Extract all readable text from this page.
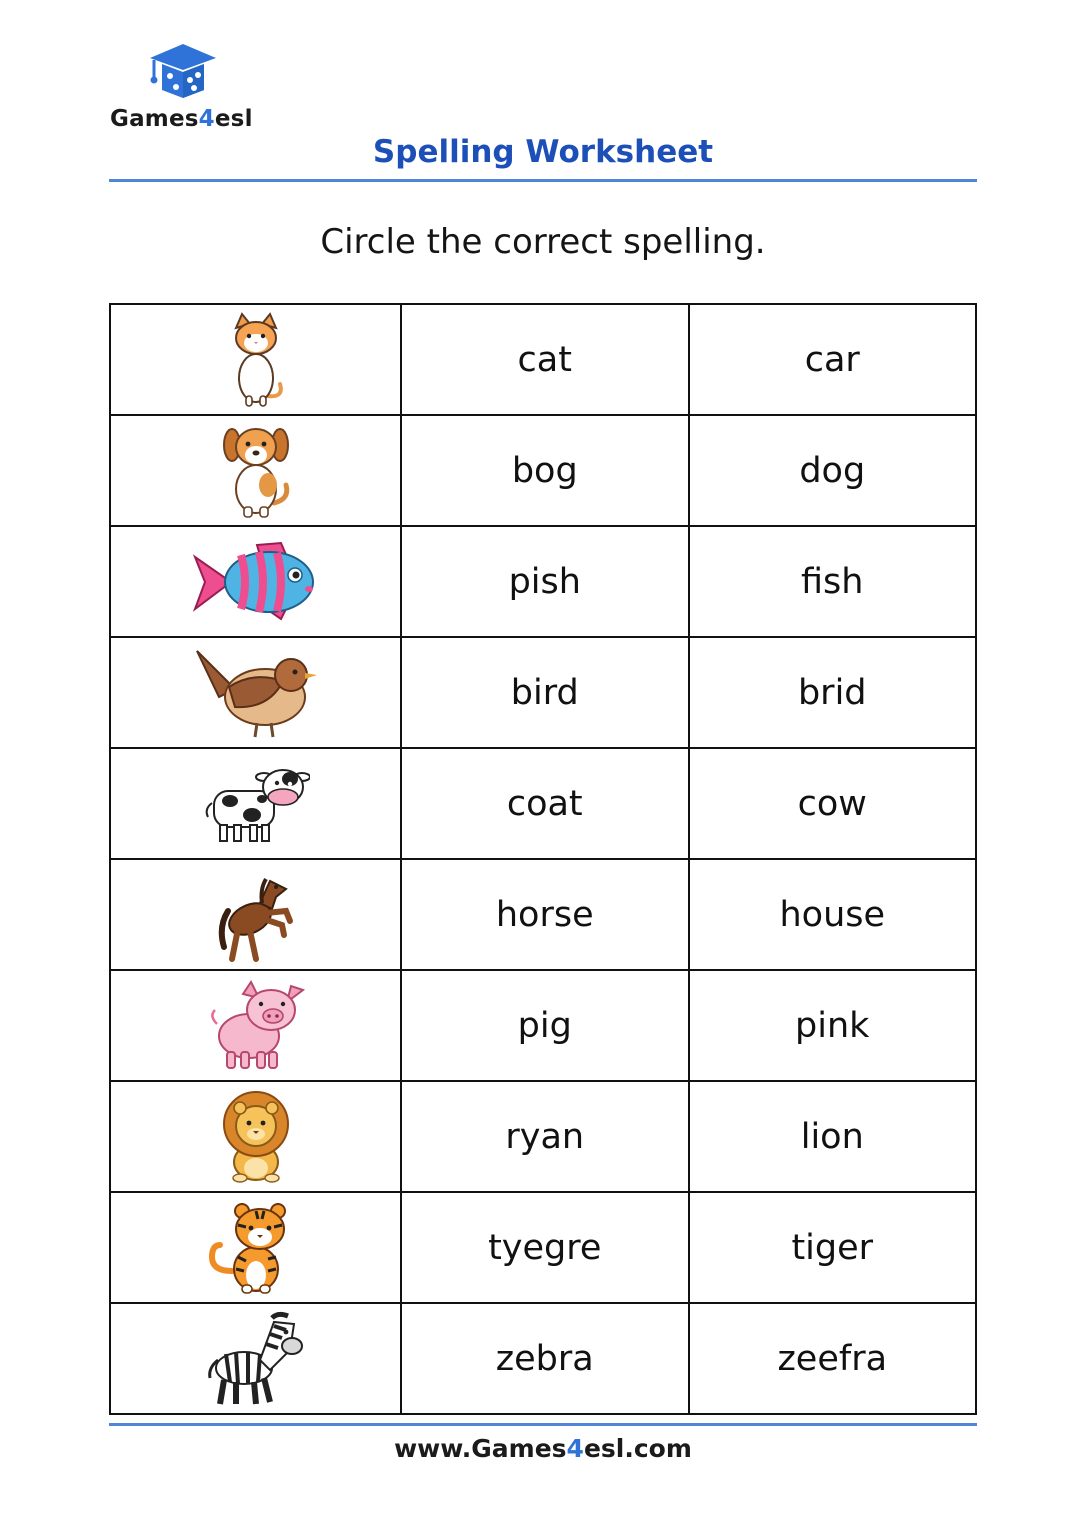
Games4esl
Spelling Worksheet
Circle the correct spelling.
	cat	car

	bog	dog

	pish	fish

	bird	brid

	coat	cow

	horse	house

	pig	pink

	ryan	lion

	tyegre	tiger

	zebra	zeefra
www.Games4esl.com
